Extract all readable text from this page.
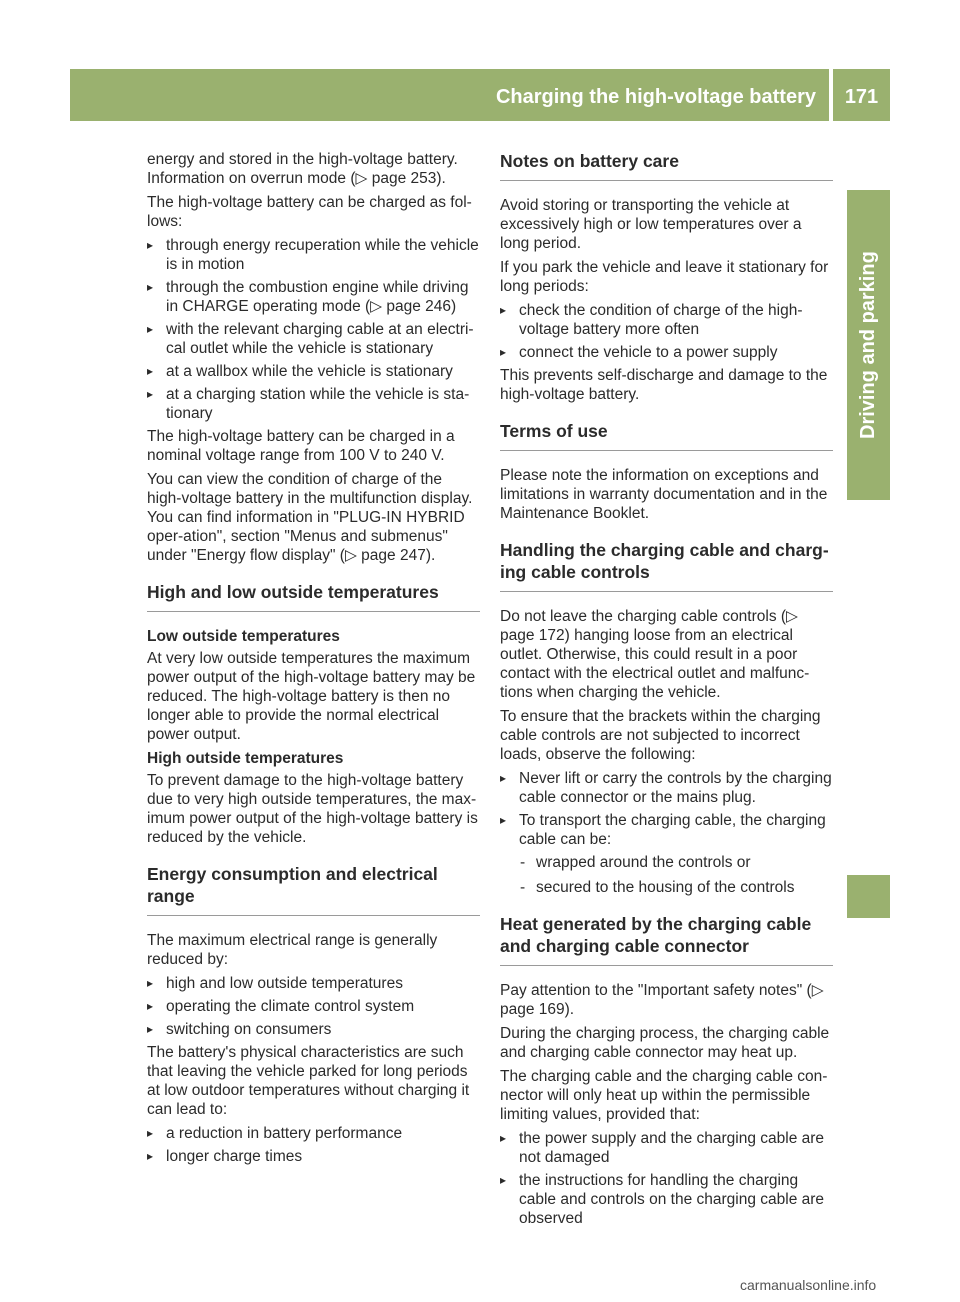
Charging the high-voltage battery	171
Driving and parking

energy and stored in the high-voltage battery.

Information on overrun mode (▷ page 253).

The high-voltage battery can be charged as fol-lows:

▸ through energy recuperation while the vehicle is in motion
▸ through the combustion engine while driving in CHARGE operating mode (▷ page 246)
▸ with the relevant charging cable at an electri-cal outlet while the vehicle is stationary
▸ at a wallbox while the vehicle is stationary
▸ at a charging station while the vehicle is sta-tionary

The high-voltage battery can be charged in a nominal voltage range from 100 V to 240 V.

You can view the condition of charge of the high-voltage battery in the multifunction display. You can find information in "PLUG-IN HYBRID oper-ation", section "Menus and submenus" under "Energy flow display" (▷ page 247).

High and low outside temperatures
Low outside temperatures

At very low outside temperatures the maximum power output of the high-voltage battery may be reduced. The high-voltage battery is then no longer able to provide the normal electrical power output.

High outside temperatures

To prevent damage to the high-voltage battery due to very high outside temperatures, the max-imum power output of the high-voltage battery is reduced by the vehicle.

Energy consumption and electrical range

The maximum electrical range is generally reduced by:

▸ high and low outside temperatures
▸ operating the climate control system
▸ switching on consumers

The battery's physical characteristics are such that leaving the vehicle parked for long periods at low outdoor temperatures without charging it can lead to:

▸ a reduction in battery performance
▸ longer charge times
Notes on battery care

Avoid storing or transporting the vehicle at excessively high or low temperatures over a long period.

If you park the vehicle and leave it stationary for long periods:

▸ check the condition of charge of the high-voltage battery more often
▸ connect the vehicle to a power supply

This prevents self-discharge and damage to the high-voltage battery.

Terms of use

Please note the information on exceptions and limitations in warranty documentation and in the Maintenance Booklet.

Handling the charging cable and charg-ing cable controls

Do not leave the charging cable controls (▷ page 172) hanging loose from an electrical outlet. Otherwise, this could result in a poor contact with the electrical outlet and malfunc-tions when charging the vehicle.

To ensure that the brackets within the charging cable controls are not subjected to incorrect loads, observe the following:

▸ Never lift or carry the controls by the charging cable connector or the mains plug.
▸ To transport the charging cable, the charging cable can be:
- wrapped around the controls or
- secured to the housing of the controls
Heat generated by the charging cable and charging cable connector

Pay attention to the "Important safety notes" (▷ page 169).

During the charging process, the charging cable and charging cable connector may heat up.

The charging cable and the charging cable con-nector will only heat up within the permissible limiting values, provided that:

▸ the power supply and the charging cable are not damaged
▸ the instructions for handling the charging cable and controls on the charging cable are observed
carmanualsonline.info
